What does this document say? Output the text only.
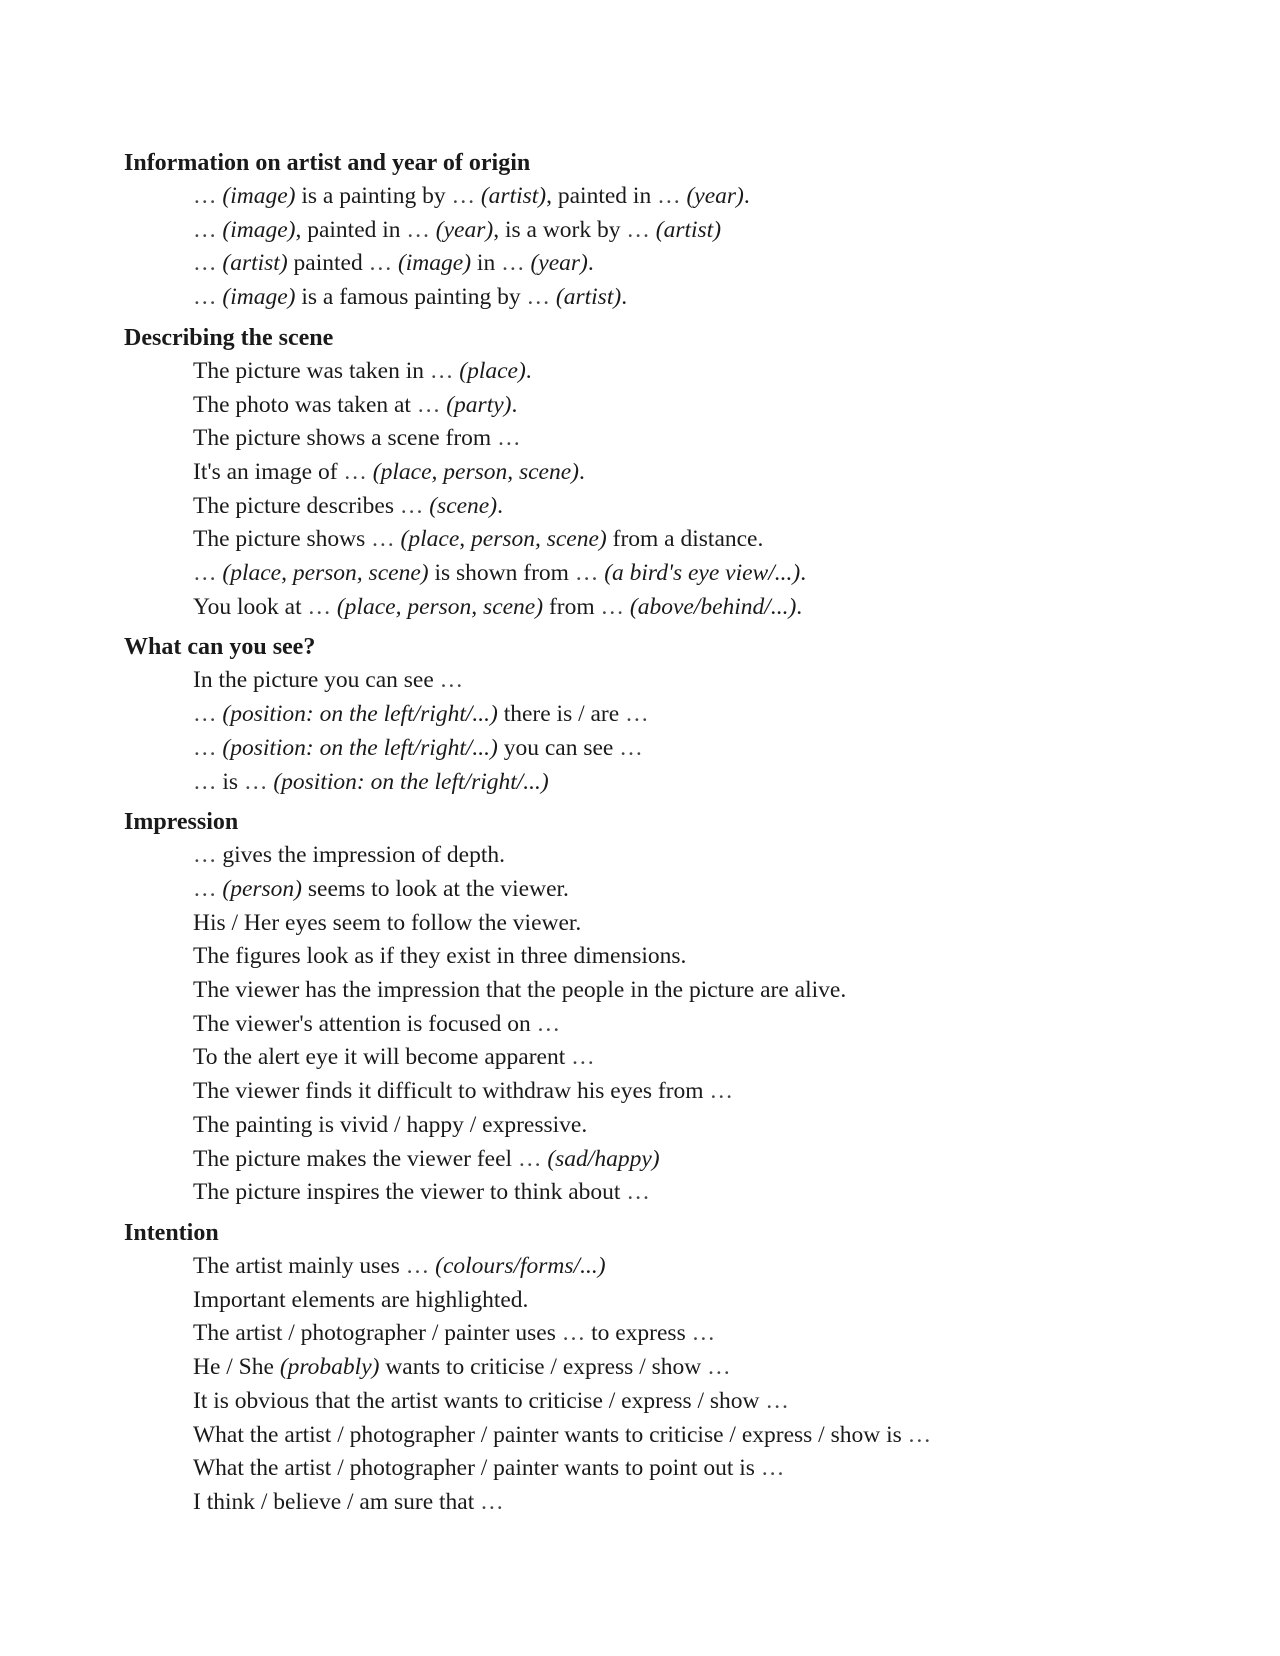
Information on artist and year of origin
… (image) is a painting by … (artist), painted in … (year).
… (image), painted in … (year), is a work by … (artist)
… (artist) painted … (image) in … (year).
… (image) is a famous painting by … (artist).
Describing the scene
The picture was taken in … (place).
The photo was taken at … (party).
The picture shows a scene from …
It's an image of … (place, person, scene).
The picture describes … (scene).
The picture shows … (place, person, scene) from a distance.
… (place, person, scene) is shown from … (a bird's eye view/...).
You look at … (place, person, scene) from … (above/behind/...).
What can you see?
In the picture you can see …
… (position: on the left/right/...) there is / are …
… (position: on the left/right/...) you can see …
… is … (position: on the left/right/...)
Impression
… gives the impression of depth.
… (person) seems to look at the viewer.
His / Her eyes seem to follow the viewer.
The figures look as if they exist in three dimensions.
The viewer has the impression that the people in the picture are alive.
The viewer's attention is focused on …
To the alert eye it will become apparent …
The viewer finds it difficult to withdraw his eyes from …
The painting is vivid / happy / expressive.
The picture makes the viewer feel … (sad/happy)
The picture inspires the viewer to think about …
Intention
The artist mainly uses … (colours/forms/...)
Important elements are highlighted.
The artist / photographer / painter uses … to express …
He / She (probably) wants to criticise / express / show …
It is obvious that the artist wants to criticise / express / show …
What the artist / photographer / painter wants to criticise / express / show is …
What the artist / photographer / painter wants to point out is …
I think / believe / am sure that …
